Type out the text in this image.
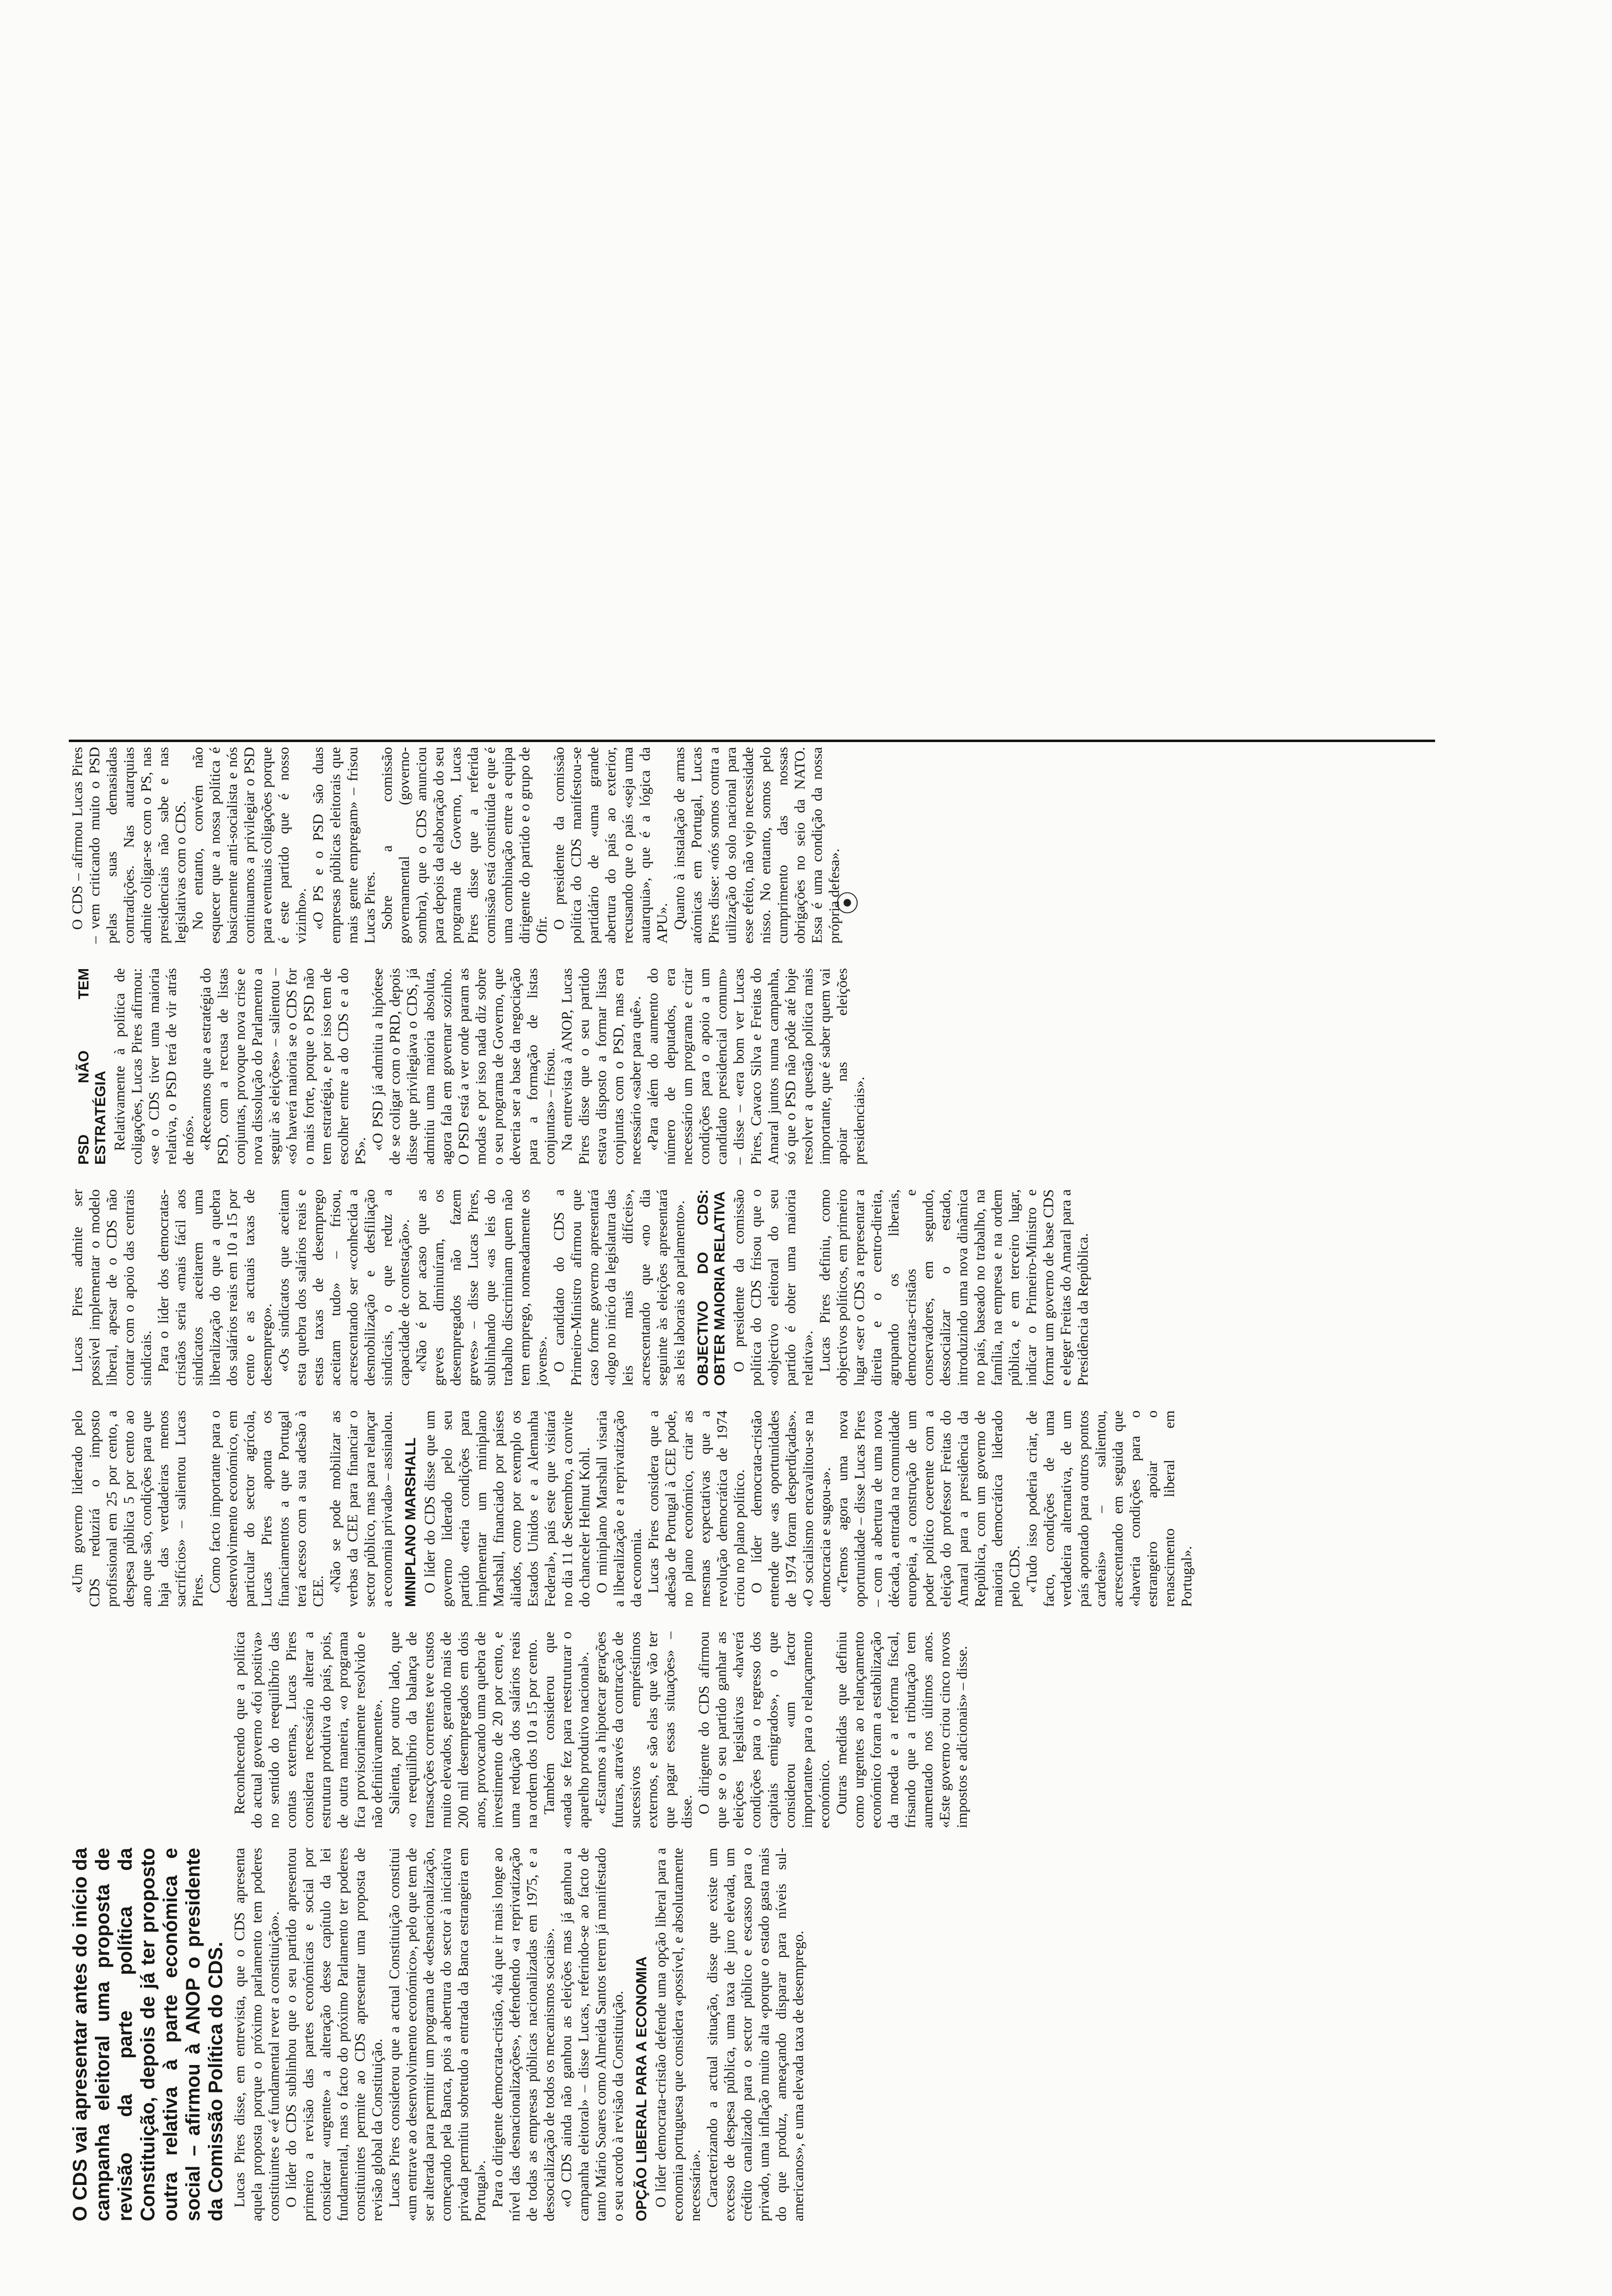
O CDS vai apresentar antes do início da campanha eleitoral uma proposta de revisão da parte política da Constituição, depois de já ter proposto outra relativa à parte económica e social – afirmou à ANOP o presidente da Comissão Política do CDS. Lucas Pires disse, em entrevista, que o CDS apresenta aquela proposta porque o próximo parlamento tem poderes constituintes e «é fundamental rever a constituição». O líder do CDS sublinhou que o seu partido apresentou primeiro a revisão das partes económicas e social por considerar «urgente» a alteração desse capítulo da lei fundamental, mas o facto do próximo Parlamento ter poderes constituintes permite ao CDS apresentar uma proposta de revisão global da Constituição. Lucas Pires considerou que a actual Constituição constitui «um entrave ao desenvolvimento económico», pelo que tem de ser alterada para permitir um programa de «desnacionalização, começando pela Banca, pois a abertura do sector à iniciativa privada permitiu sobretudo a entrada da Banca estrangeira em Portugal». Para o dirigente democrata-cristão, «há que ir mais longe ao nível das desnacionalizações», defendendo «a reprivatização de todas as empresas públicas nacionalizadas em 1975, e a dessocialização de todos os mecanismos sociais». «O CDS ainda não ganhou as eleições mas já ganhou a campanha eleitoral» – disse Lucas, referindo-se ao facto de tanto Mário Soares como Almeida Santos terem já manifestado o seu acordo à revisão da Constituição. OPÇÃO LIBERAL PARA A ECONOMIA O líder democrata-cristão defende uma opção liberal para a economia portuguesa que considera «possível, e absolutamente necessária». Caracterizando a actual situação, disse que existe um excesso de despesa pública, uma taxa de juro elevada, um crédito canalizado para o sector público e escasso para o privado, uma inflação muito alta «porque o estado gasta mais do que produz, ameaçando disparar para níveis sul-americanos», e uma elevada taxa de desemprego.

Reconhecendo que a política do actual governo «foi positiva» no sentido do reequilíbrio das contas externas, Lucas Pires considera necessário alterar a estrutura produtiva do país, pois, de outra maneira, «o programa fica provisoriamente resolvido e não definitivamente». Salienta, por outro lado, que «o reequilíbrio da balança de transacções correntes teve custos muito elevados, gerando mais de 200 mil desempregados em dois anos, provocando uma quebra de investimento de 20 por cento, e uma redução dos salários reais na ordem dos 10 a 15 por cento. Também considerou que «nada se fez para reestruturar o aparelho produtivo nacional». «Estamos a hipotecar gerações futuras, através da contracção de sucessivos empréstimos externos, e são elas que vão ter que pagar essas situações» – disse. O dirigente do CDS afirmou que se o seu partido ganhar as eleições legislativas «haverá condições para o regresso dos capitais emigrados», o que considerou «um factor importante» para o relançamento económico. Outras medidas que definiu como urgentes ao relançamento económico foram a estabilização da moeda e a reforma fiscal, frisando que a tributação tem aumentado nos últimos anos. «Este governo criou cinco novos impostos e adicionais» – disse.

«Um governo liderado pelo CDS reduzirá o imposto profissional em 25 por cento, a despesa pública 5 por cento ao ano que são, condições para que haja das verdadeiras menos sacrifícios» – salientou Lucas Pires. Como facto importante para o desenvolvimento económico, em particular do sector agrícola, Lucas Pires aponta os financiamentos a que Portugal terá acesso com a sua adesão à CEE. «Não se pode mobilizar as verbas da CEE para financiar o sector público, mas para relançar a economia privada» – assinalou. MINIPLANO MARSHALL O líder do CDS disse que um governo liderado pelo seu partido «teria condições para implementar um miniplano Marshall, financiado por países aliados, como por exemplo os Estados Unidos e a Alemanha Federal», país este que visitará no dia 11 de Setembro, a convite do chanceler Helmut Kohl. O miniplano Marshall visaria a liberalização e a reprivatização da economia. Lucas Pires considera que a adesão de Portugal à CEE pode, no plano económico, criar as mesmas expectativas que a revolução democrática de 1974 criou no plano político. O líder democrata-cristão entende que «as oportunidades de 1974 foram desperdiçadas». «O socialismo encavalitou-se na democracia e sugou-a». «Temos agora uma nova oportunidade – disse Lucas Pires – com a abertura de uma nova década, a entrada na comunidade europeia, a construção de um poder político coerente com a eleição do professor Freitas do Amaral para a presidência da República, com um governo de maioria democrática liderado pelo CDS. «Tudo isso poderia criar, de facto, condições de uma verdadeira alternativa, de um país apontado para outros pontos cardeais» – salientou, acrescentando em seguida que «haveria condições para o estrangeiro apoiar o renascimento liberal em Portugal».

Lucas Pires admite ser possível implementar o modelo liberal, apesar de o CDS não contar com o apoio das centrais sindicais. Para o líder dos democratas-cristãos seria «mais fácil aos sindicatos aceitarem uma liberalização do que a quebra dos salários reais em 10 a 15 por cento e as actuais taxas de desemprego». «Os sindicatos que aceitam esta quebra dos salários reais e estas taxas de desemprego aceitam tudo» – frisou, acrescentando ser «conhecida a desmobilização e desfiliação sindicais, o que reduz a capacidade de contestação». «Não é por acaso que as greves diminuíram, os desempregados não fazem greves» – disse Lucas Pires, sublinhando que «as leis do trabalho discriminam quem não tem emprego, nomeadamente os jovens». O candidato do CDS a Primeiro-Ministro afirmou que caso forme governo apresentará «logo no início da legislatura das leis mais difíceis», acrescentando que «no dia seguinte às eleições apresentará as leis laborais ao parlamento». OBJECTIVO DO CDS: OBTER MAIORIA RELATIVA O presidente da comissão política do CDS frisou que o «objectivo eleitoral do seu partido é obter uma maioria relativa». Lucas Pires definiu, como objectivos políticos, em primeiro lugar «ser o CDS a representar a direita e o centro-direita, agrupando os liberais, democratas-cristãos e conservadores, em segundo, dessocializar o estado, introduzindo uma nova dinâmica no país, baseado no trabalho, na família, na empresa e na ordem pública, e em terceiro lugar, indicar o Primeiro-Ministro e formar um governo de base CDS e eleger Freitas do Amaral para a Presidência da República.

PSD NÃO TEM ESTRATÉGIA Relativamente à política de coligações, Lucas Pires afirmou: «se o CDS tiver uma maioria relativa, o PSD terá de vir atrás de nós». «Receamos que a estratégia do PSD, com a recusa de listas conjuntas, provoque nova crise e nova dissolução do Parlamento a seguir às eleições» – salientou – «só haverá maioria se o CDS for o mais forte, porque o PSD não tem estratégia, e por isso tem de escolher entre a do CDS e a do PS».

«O PSD já admitiu a hipótese de se coligar com o PRD, depois disse que privilegiava o CDS, já admitiu uma maioria absoluta, agora fala em governar sozinho. O PSD está a ver onde param as modas e por isso nada diz sobre o seu programa de Governo, que deveria ser a base da negociação para a formação de listas conjuntas» – frisou. Na entrevista à ANOP, Lucas Pires disse que o seu partido estava disposto a formar listas conjuntas com o PSD, mas era necessário «saber para quê». «Para além do aumento do número de deputados, era necessário um programa e criar condições para o apoio a um candidato presidencial comum» – disse – «era bom ver Lucas Pires, Cavaco Silva e Freitas do Amaral juntos numa campanha, só que o PSD não pôde até hoje resolver a questão política mais importante, que é saber quem vai apoiar nas eleições presidenciais».

O CDS – afirmou Lucas Pires – vem criticando muito o PSD pelas suas demasiadas contradições. Nas autarquias admite coligar-se com o PS, nas presidenciais não sabe e nas legislativas com o CDS. No entanto, convém não esquecer que a nossa política é basicamente anti-socialista e nós continuamos a privilegiar o PSD para eventuais coligações porque é este partido que é nosso vizinho». «O PS e o PSD são duas empresas públicas eleitorais que mais gente empregam» – frisou Lucas Pires. Sobre a comissão governamental (governo-sombra), que o CDS anunciou para depois da elaboração do seu programa de Governo, Lucas Pires disse que a referida comissão está constituída e que é uma combinação entre a equipa dirigente do partido e o grupo de Ofir.

O presidente da comissão política do CDS manifestou-se partidário de «uma grande abertura do país ao exterior, recusando que o país «seja uma autarquia», que é a lógica da APU». Quanto à instalação de armas atómicas em Portugal, Lucas Pires disse: «nós somos contra a utilização do solo nacional para esse efeito, não vejo necessidade nisso. No entanto, somos pelo cumprimento das nossas obrigações no seio da NATO. Essa é uma condição da nossa própria defesa».

⦿
